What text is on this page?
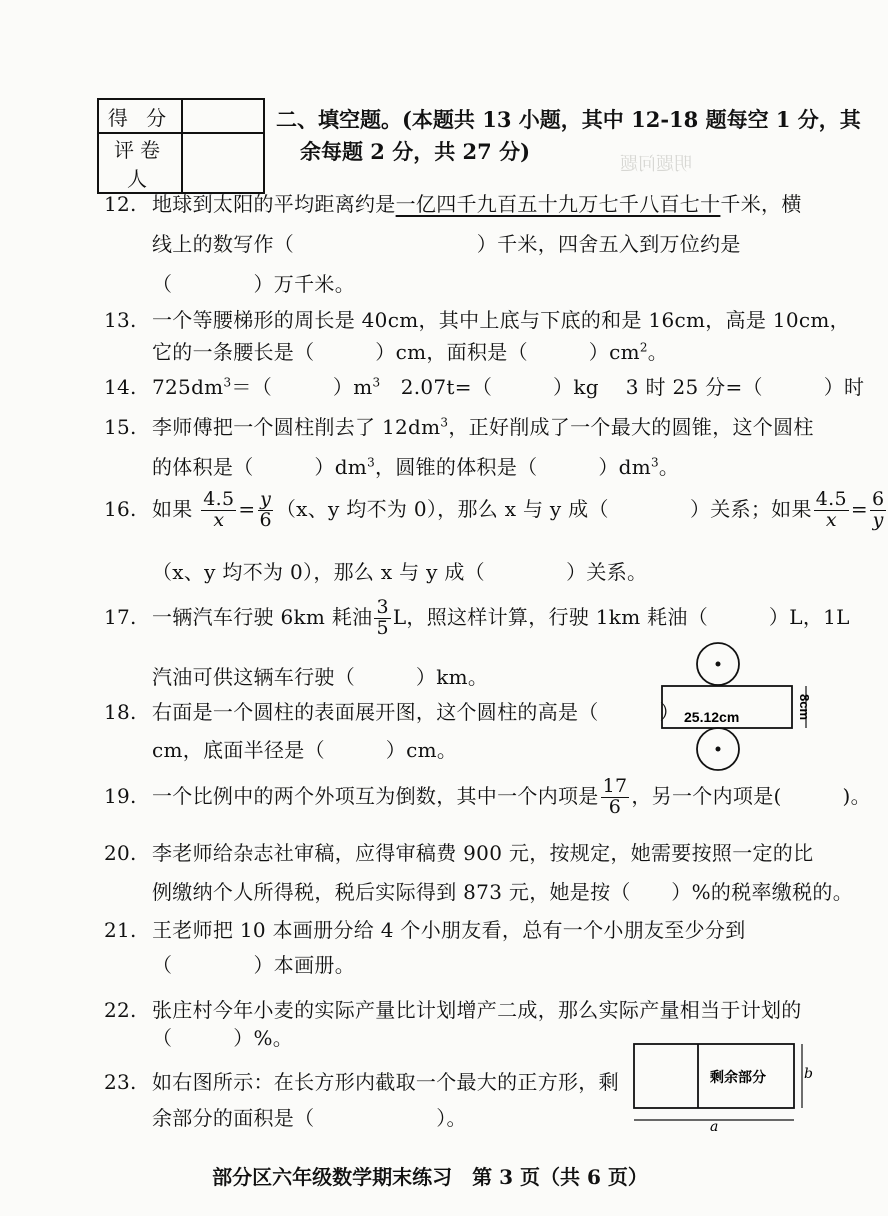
明题问题
得 分	
评卷人	
二、填空题。(本题共 13 小题，其中 12-18 题每空 1 分，其
余每题 2 分，共 27 分)
12. 地球到太阳的平均距离约是一亿四千九百五十九万七千八百七十千米，横
线上的数写作（　　　　　　　　　）千米，四舍五入到万位约是
（　　　　）万千米。
13. 一个等腰梯形的周长是 40cm，其中上底与下底的和是 16cm，高是 10cm，
它的一条腰长是（　　　）cm，面积是（　　　）$cm^2$。
14. $725dm^3=$（　　　）$m^3$　2.07t=（　　　）kg　 3 时 25 分=（　　　）时
15. 李师傅把一个圆柱削去了 $12dm^3$，正好削成了一个最大的圆锥，这个圆柱
的体积是（　　　）$dm^3$，圆锥的体积是（　　　）$dm^3$。
16. 如果 $\frac{4.5}{x} = \frac{y}{6} (x$、y 均不为 0），那么 x 与 y 成（　　　　）关系；如果 $\frac{4.5}{x} = \frac{6}{y}$
（x、y 均不为 0），那么 x 与 y 成（　　　　）关系。
17. 一辆汽车行驶 6km 耗油 $\frac{3}{5}$ L，照这样计算，行驶 1km 耗油（　　　）L，1L
汽油可供这辆车行驶（　　　）km。
18. 右面是一个圆柱的表面展开图，这个圆柱的高是（　　　）
cm，底面半径是（　　　）cm。
25.12cm	8cm
19. 一个比例中的两个外项互为倒数，其中一个内项是 $\frac{17}{6}$ ，另一个内项是(　　　)。
20. 李老师给杂志社审稿，应得审稿费 900 元，按规定，她需要按照一定的比
例缴纳个人所得税，税后实际得到 873 元，她是按（　　）%的税率缴税的。
21. 王老师把 10 本画册分给 4 个小朋友看，总有一个小朋友至少分到
（　　　　）本画册。
22. 张庄村今年小麦的实际产量比计划增产二成，那么实际产量相当于计划的
（　　　）%。
23. 如右图所示：在长方形内截取一个最大的正方形，剩
余部分的面积是（　　　　　　）。
剩余部分	b
a
部分区六年级数学期末练习　第 3 页（共 6 页）
